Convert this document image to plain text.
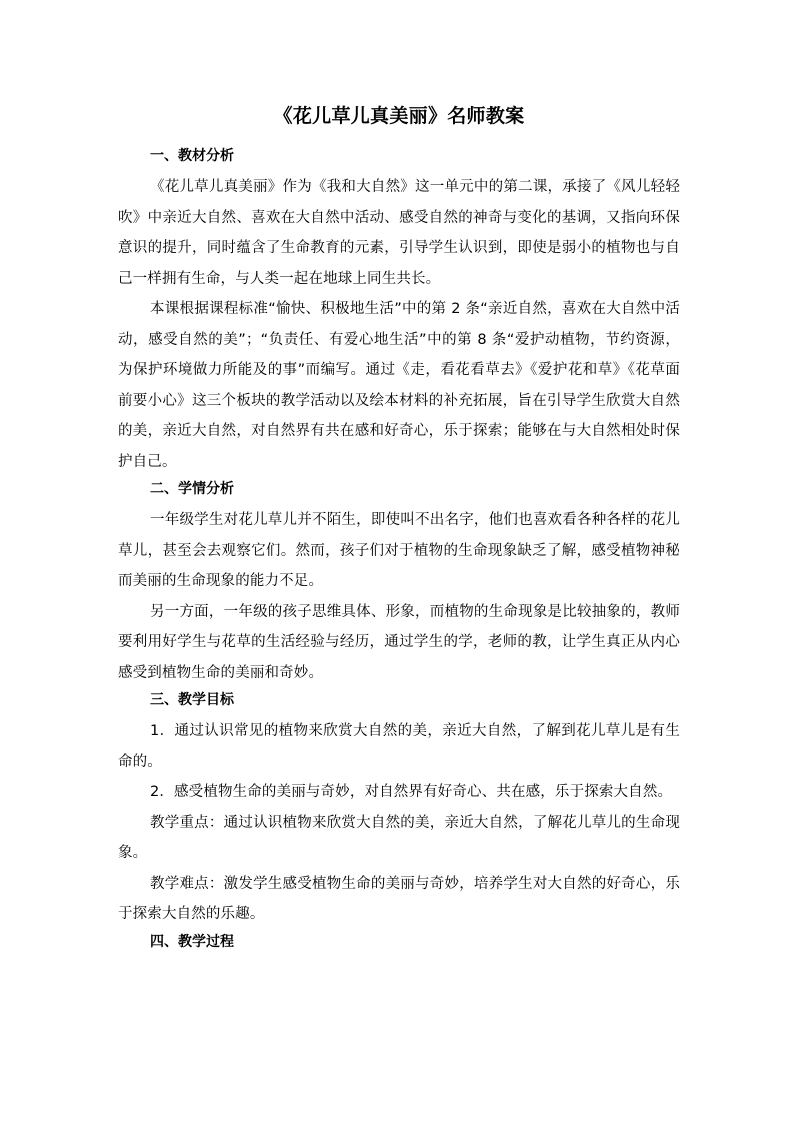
《花儿草儿真美丽》名师教案
一、教材分析

《花儿草儿真美丽》作为《我和大自然》这一单元中的第二课，承接了《风儿轻轻吹》中亲近大自然、喜欢在大自然中活动、感受自然的神奇与变化的基调，又指向环保意识的提升，同时蕴含了生命教育的元素，引导学生认识到，即使是弱小的植物也与自己一样拥有生命，与人类一起在地球上同生共长。

本课根据课程标准“愉快、积极地生活”中的第 2 条“亲近自然，喜欢在大自然中活动，感受自然的美”；“负责任、有爱心地生活”中的第 8 条“爱护动植物，节约资源，为保护环境做力所能及的事”而编写。通过《走，看花看草去》《爱护花和草》《花草面前要小心》这三个板块的教学活动以及绘本材料的补充拓展，旨在引导学生欣赏大自然的美，亲近大自然，对自然界有共在感和好奇心，乐于探索；能够在与大自然相处时保护自己。

二、学情分析

一年级学生对花儿草儿并不陌生，即使叫不出名字，他们也喜欢看各种各样的花儿草儿，甚至会去观察它们。然而，孩子们对于植物的生命现象缺乏了解，感受植物神秘而美丽的生命现象的能力不足。

另一方面，一年级的孩子思维具体、形象，而植物的生命现象是比较抽象的，教师要利用好学生与花草的生活经验与经历，通过学生的学，老师的教，让学生真正从内心感受到植物生命的美丽和奇妙。

三、教学目标

1．通过认识常见的植物来欣赏大自然的美，亲近大自然，了解到花儿草儿是有生命的。

2．感受植物生命的美丽与奇妙，对自然界有好奇心、共在感，乐于探索大自然。

教学重点：通过认识植物来欣赏大自然的美，亲近大自然，了解花儿草儿的生命现象。

教学难点：激发学生感受植物生命的美丽与奇妙，培养学生对大自然的好奇心，乐于探索大自然的乐趣。

四、教学过程
